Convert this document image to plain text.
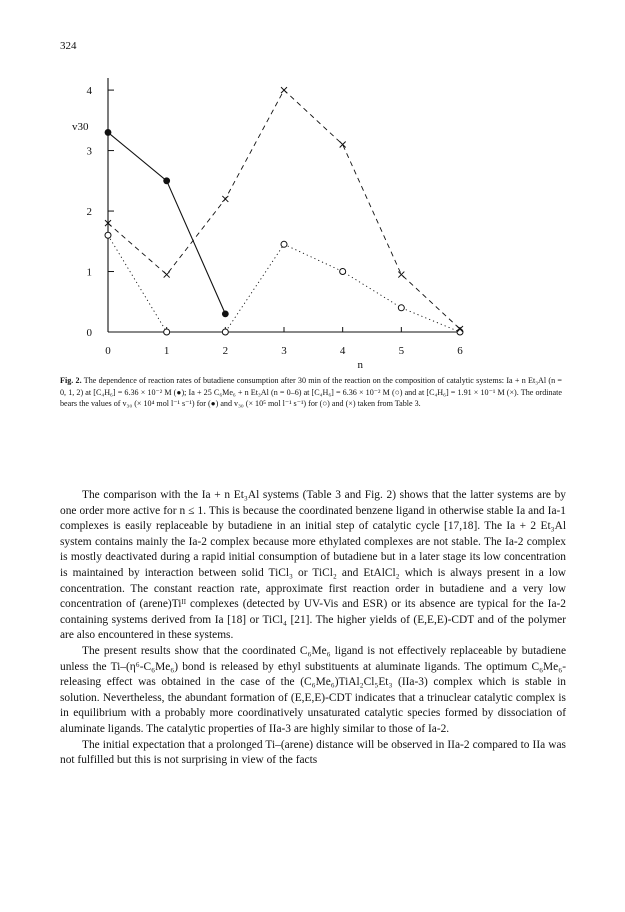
324
v30
n
0
1
2
3
4
0	1	2	3	4	5	6
Fig. 2. The dependence of reaction rates of butadiene consumption after 30 min of the reaction on the composition of catalytic systems: Ia + n Et₃Al (n = 0, 1, 2) at [C₄H₆] = 6.36 × 10⁻² M (●); Ia + 25 C₆Me₆ + n Et₃Al (n = 0–6) at [C₄H₆] = 6.36 × 10⁻² M (○) and at [C₄H₆] = 1.91 × 10⁻¹ M (×). The ordinate bears the values of v₃₀ (× 10⁴ mol l⁻¹ s⁻¹) for (●) and v₃₀ (× 10⁵ mol l⁻¹ s⁻¹) for (○) and (×) taken from Table 3.

The comparison with the Ia + n Et₃Al systems (Table 3 and Fig. 2) shows that the latter systems are by one order more active for n ≤ 1. This is because the coordinated benzene ligand in otherwise stable Ia and Ia-1 complexes is easily replaceable by butadiene in an initial step of catalytic cycle [17,18]. The Ia + 2 Et₃Al system contains mainly the Ia-2 complex because more ethylated complexes are not stable. The Ia-2 complex is mostly deactivated during a rapid initial consumption of butadiene but in a later stage its low concentration is maintained by interaction between solid TiCl₃ or TiCl₂ and EtAlCl₂ which is always present in a low concentration. The constant reaction rate, approximate first reaction order in butadiene and a very low concentration of (arene)Tiᴵᴵ complexes (detected by UV-Vis and ESR) or its absence are typical for the Ia-2 containing systems derived from Ia [18] or TiCl₄ [21]. The higher yields of (E,E,E)-CDT and of the polymer are also encountered in these systems.

The present results show that the coordinated C₆Me₆ ligand is not effectively replaceable by butadiene unless the Ti–(η⁶-C₆Me₆) bond is released by ethyl substituents at aluminate ligands. The optimum C₆Me₆-releasing effect was obtained in the case of the (C₆Me₆)TiAl₂Cl₅Et₃ (IIa-3) complex which is stable in solution. Nevertheless, the abundant formation of (E,E,E)-CDT indicates that a trinuclear catalytic complex is in equilibrium with a probably more coordinatively unsaturated catalytic species formed by dissociation of aluminate ligands. The catalytic properties of IIa-3 are highly similar to those of Ia-2.

The initial expectation that a prolonged Ti–(arene) distance will be observed in IIa-2 compared to IIa was not fulfilled but this is not surprising in view of the facts
